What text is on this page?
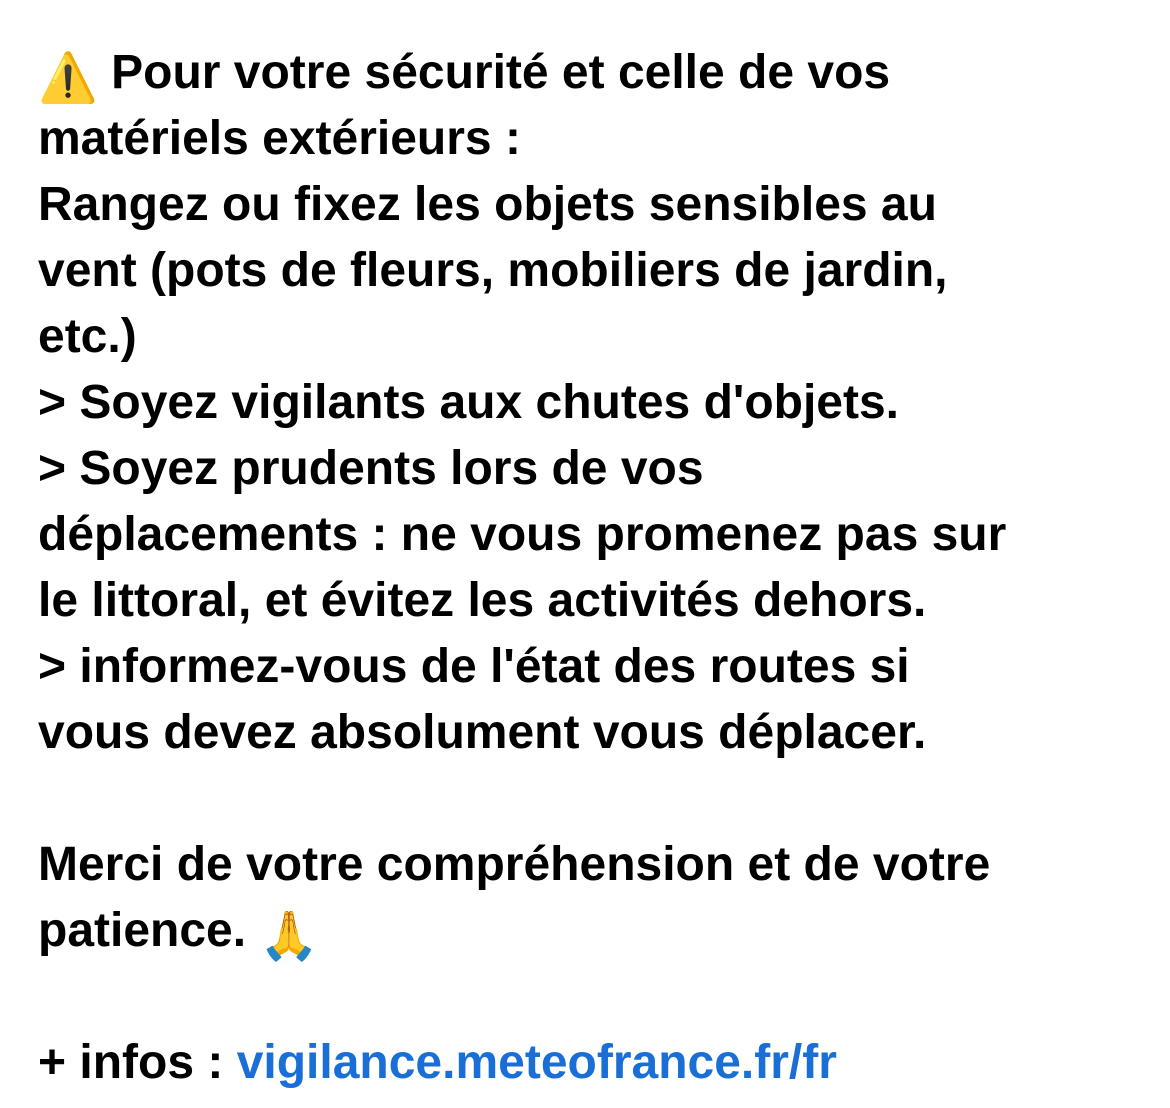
⚠️ Pour votre sécurité et celle de vos
matériels extérieurs :
Rangez ou fixez les objets sensibles au
vent (pots de fleurs, mobiliers de jardin,
etc.)
> Soyez vigilants aux chutes d'objets.
> Soyez prudents lors de vos
déplacements : ne vous promenez pas sur
le littoral, et évitez les activités dehors.
> informez-vous de l'état des routes si
vous devez absolument vous déplacer.
Merci de votre compréhension et de votre
patience. 🙏
+ infos : vigilance.meteofrance.fr/fr
